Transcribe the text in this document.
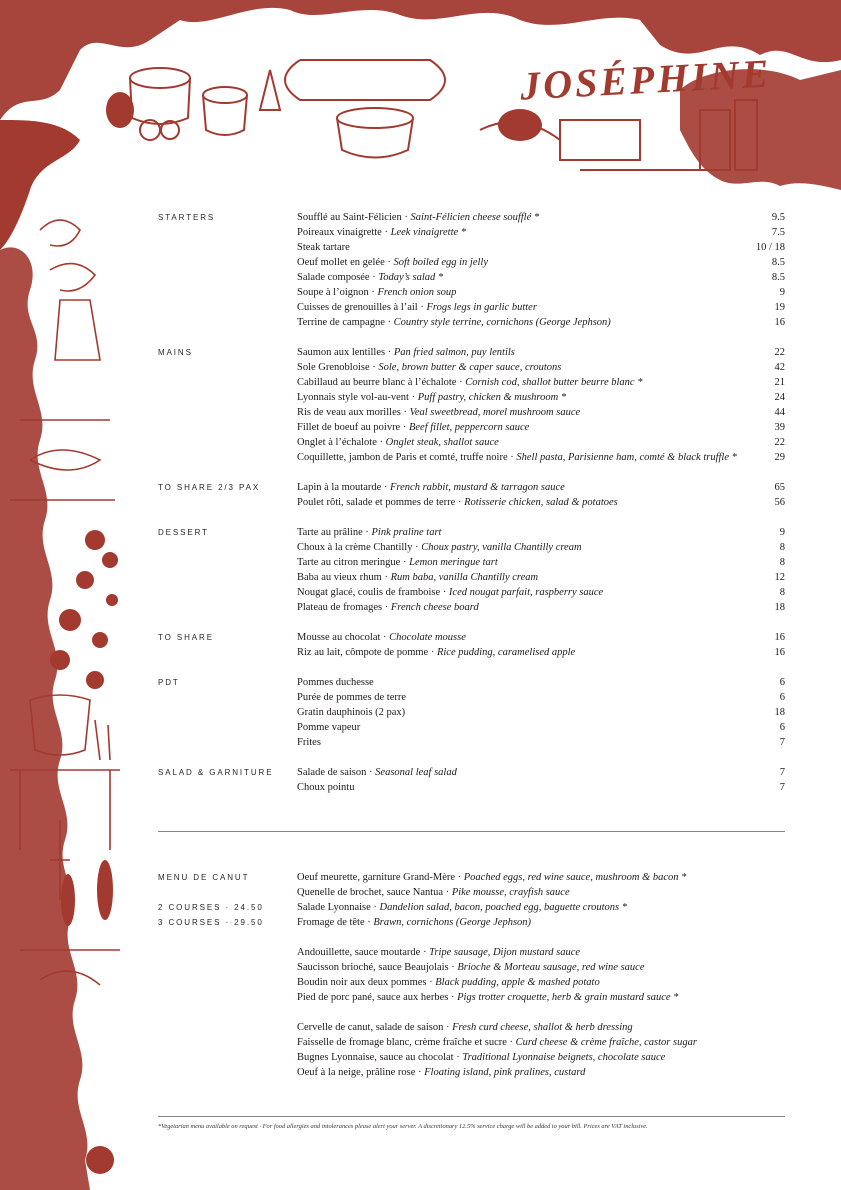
JOSÉPHINE
STARTERS	Soufflé au Saint-Félicien · Saint-Félicien cheese soufflé *	9.5
Poireaux vinaigrette · Leek vinaigrette *	7.5
Steak tartare	10 / 18
Oeuf mollet en gelée · Soft boiled egg in jelly	8.5
Salade composée · Today’s salad *	8.5
Soupe à l’oignon · French onion soup	9
Cuisses de grenouilles à l’ail · Frogs legs in garlic butter	19
Terrine de campagne · Country style terrine, cornichons (George Jephson)	16
MAINS	Saumon aux lentilles · Pan fried salmon, puy lentils	22
Sole Grenobloise · Sole, brown butter & caper sauce, croutons	42
Cabillaud au beurre blanc à l’échalote · Cornish cod, shallot butter beurre blanc *	21
Lyonnais style vol-au-vent · Puff pastry, chicken & mushroom *	24
Ris de veau aux morilles · Veal sweetbread, morel mushroom sauce	44
Fillet de boeuf au poivre · Beef fillet, peppercorn sauce	39
Onglet à l’échalote · Onglet steak, shallot sauce	22
Coquillette, jambon de Paris et comté, truffe noire · Shell pasta, Parisienne ham, comté & black truffle *	29
TO SHARE 2/3 PAX	Lapin à la moutarde · French rabbit, mustard & tarragon sauce	65
Poulet rôti, salade et pommes de terre · Rotisserie chicken, salad & potatoes	56
DESSERT	Tarte au prâline · Pink praline tart	9
Choux à la crème Chantilly · Choux pastry, vanilla Chantilly cream	8
Tarte au citron meringue · Lemon meringue tart	8
Baba au vieux rhum · Rum baba, vanilla Chantilly cream	12
Nougat glacé, coulis de framboise · Iced nougat parfait, raspberry sauce	8
Plateau de fromages · French cheese board	18
TO SHARE	Mousse au chocolat · Chocolate mousse	16
Riz au lait, cômpote de pomme · Rice pudding, caramelised apple	16
PDT	Pommes duchesse	6
Purée de pommes de terre	6
Gratin dauphinois (2 pax)	18
Pomme vapeur	6
Frites	7
SALAD & GARNITURE Salade de saison · Seasonal leaf salad	7
Choux pointu	7
MENU DE CANUT
2 COURSES · 24.50
3 COURSES · 29.50
Oeuf meurette, garniture Grand-Mère · Poached eggs, red wine sauce, mushroom & bacon *
Quenelle de brochet, sauce Nantua · Pike mousse, crayfish sauce
Salade Lyonnaise · Dandelion salad, bacon, poached egg, baguette croutons *
Fromage de tête · Brawn, cornichons (George Jephson)
Andouillette, sauce moutarde · Tripe sausage, Dijon mustard sauce
Saucisson brioché, sauce Beaujolais · Brioche & Morteau sausage, red wine sauce
Boudin noir aux deux pommes · Black pudding, apple & mashed potato
Pied de porc pané, sauce aux herbes · Pigs trotter croquette, herb & grain mustard sauce *
Cervelle de canut, salade de saison · Fresh curd cheese, shallot & herb dressing
Faisselle de fromage blanc, crème fraîche et sucre · Curd cheese & crème fraîche, castor sugar
Bugnes Lyonnaise, sauce au chocolat · Traditional Lyonnaise beignets, chocolate sauce
Oeuf à la neige, prâline rose · Floating island, pink pralines, custard
*Vegetarian menu available on request · For food allergies and intolerances please alert your server. A discretionary 12.5% service charge will be added to your bill. Prices are VAT inclusive.
